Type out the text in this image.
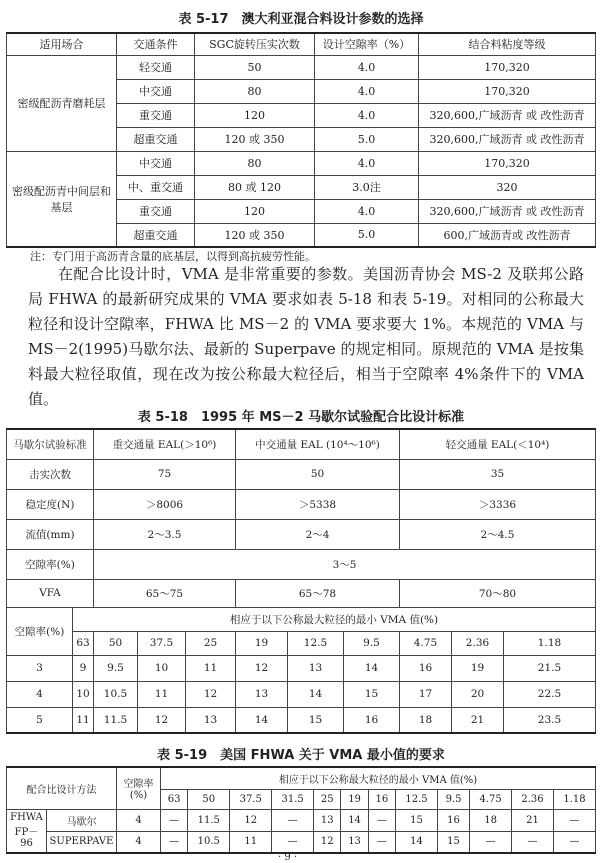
表 5-17　澳大利亚混合料设计参数的选择
适用场合	交通条件	SGC旋转压实次数	设计空隙率（%）	结合料粘度等级
密级配沥青磨耗层	轻交通	50	4.0	170,320
	中交通	80	4.0	170,320
	重交通	120	4.0	320,600,广域沥青 或 改性沥青
	超重交通	120 或 350	5.0	320,600,广域沥青 或 改性沥青
密级配沥青中间层和基层	中交通	80	4.0	170,320
	中、重交通	80 或 120	3.0注	320
	重交通	120	4.0	320,600,广域沥青 或 改性沥青
	超重交通	120 或 350	5.0	600,广域沥青或 改性沥青
注：专门用于高沥青含量的底基层，以得到高抗疲劳性能。

在配合比设计时，VMA 是非常重要的参数。美国沥青协会 MS-2 及联邦公路局 FHWA 的最新研究成果的 VMA 要求如表 5-18 和表 5-19。对相同的公称最大粒径和设计空隙率，FHWA 比 MS－2 的 VMA 要求要大 1%。本规范的 VMA 与 MS－2(1995)马歇尔法、最新的 Superpave 的规定相同。原规范的 VMA 是按集料最大粒径取值，现在改为按公称最大粒径后，相当于空隙率 4%条件下的 VMA 值。

表 5-18　1995 年 MS－2 马歇尔试验配合比设计标准
马歇尔试验标准		重交通量 EAL(＞10⁶)			中交通量 EAL (10⁴～10⁶)			轻交通量 EAL(＜10⁴)		
击实次数		75			50			35		
稳定度(N)		＞8006			＞5338			＞3336		
流值(mm)		2～3.5			2～4			2～4.5		
空隙率(%)		3～5								
VFA		65～75			65～78			70～80		
空隙率(%)	相应于以下公称最大粒径的最小 VMA 值(%)									
	63	50	37.5	25	19	12.5	9.5	4.75	2.36	1.18
3	9	9.5	10	11	12	13	14	16	19	21.5
4	10	10.5	11	12	13	14	15	17	20	22.5
5	11	11.5	12	13	14	15	16	18	21	23.5
表 5-19　美国 FHWA 关于 VMA 最小值的要求
配合比设计方法		空隙率(%)	相应于以下公称最大粒径的最小 VMA 值(%)											
			63	50	37.5	31.5	25	19	16	12.5	9.5	4.75	2.36	1.18
FHWA FP－96	马歇尔	4	—	11.5	12	—	13	14	—	15	16	18	21	—
	SUPERPAVE	4	—	10.5	11	—	12	13	—	14	15	—	—	—
· 9 ·
